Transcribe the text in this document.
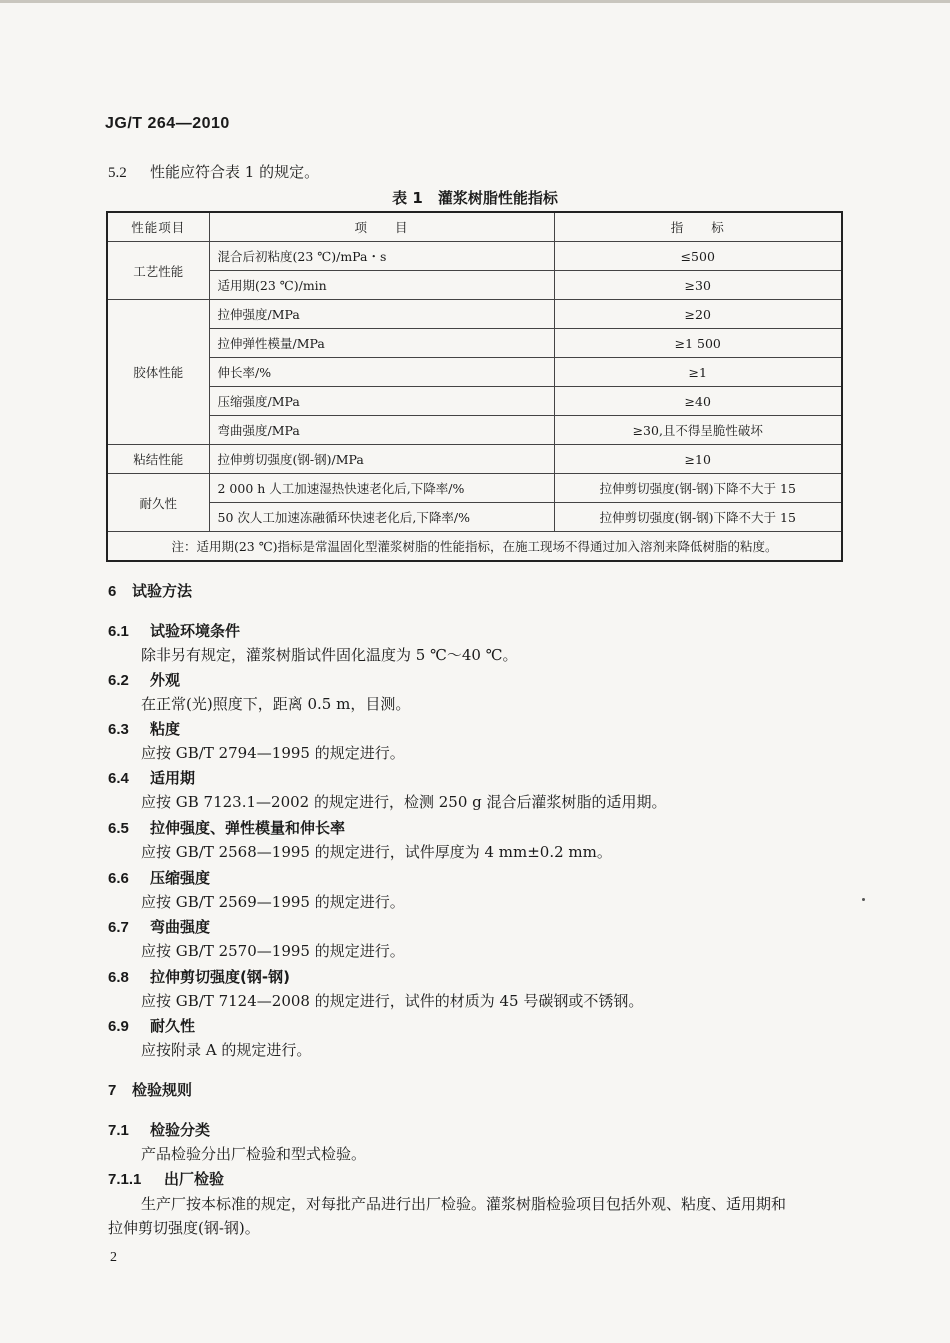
JG/T 264—2010
5.2 性能应符合表 1 的规定。
表 1　灌浆树脂性能指标
性能项目	项　　目	指　　标
工艺性能	混合后初粘度(23 ℃)/mPa・s	≤500
	适用期(23 ℃)/min	≥30
胶体性能	拉伸强度/MPa	≥20
	拉伸弹性模量/MPa	≥1 500
	伸长率/%	≥1
	压缩强度/MPa	≥40
	弯曲强度/MPa	≥30,且不得呈脆性破坏
粘结性能	拉伸剪切强度(钢-钢)/MPa	≥10
耐久性	2 000 h 人工加速湿热快速老化后,下降率/%	拉伸剪切强度(钢-钢)下降不大于 15
	50 次人工加速冻融循环快速老化后,下降率/%	拉伸剪切强度(钢-钢)下降不大于 15
注：适用期(23 ℃)指标是常温固化型灌浆树脂的性能指标，在施工现场不得通过加入溶剂来降低树脂的粘度。		
6 试验方法
6.1 试验环境条件
除非另有规定，灌浆树脂试件固化温度为 5 ℃～40 ℃。
6.2 外观
在正常(光)照度下，距离 0.5 m，目测。
6.3 粘度
应按 GB/T 2794—1995 的规定进行。
6.4 适用期
应按 GB 7123.1—2002 的规定进行，检测 250 g 混合后灌浆树脂的适用期。
6.5 拉伸强度、弹性模量和伸长率
应按 GB/T 2568—1995 的规定进行，试件厚度为 4 mm±0.2 mm。
6.6 压缩强度
应按 GB/T 2569—1995 的规定进行。
6.7 弯曲强度
应按 GB/T 2570—1995 的规定进行。
6.8 拉伸剪切强度(钢-钢)
应按 GB/T 7124—2008 的规定进行，试件的材质为 45 号碳钢或不锈钢。
6.9 耐久性
应按附录 A 的规定进行。
7 检验规则
7.1 检验分类
产品检验分出厂检验和型式检验。
7.1.1 出厂检验
生产厂按本标准的规定，对每批产品进行出厂检验。灌浆树脂检验项目包括外观、粘度、适用期和
拉伸剪切强度(钢-钢)。
2
